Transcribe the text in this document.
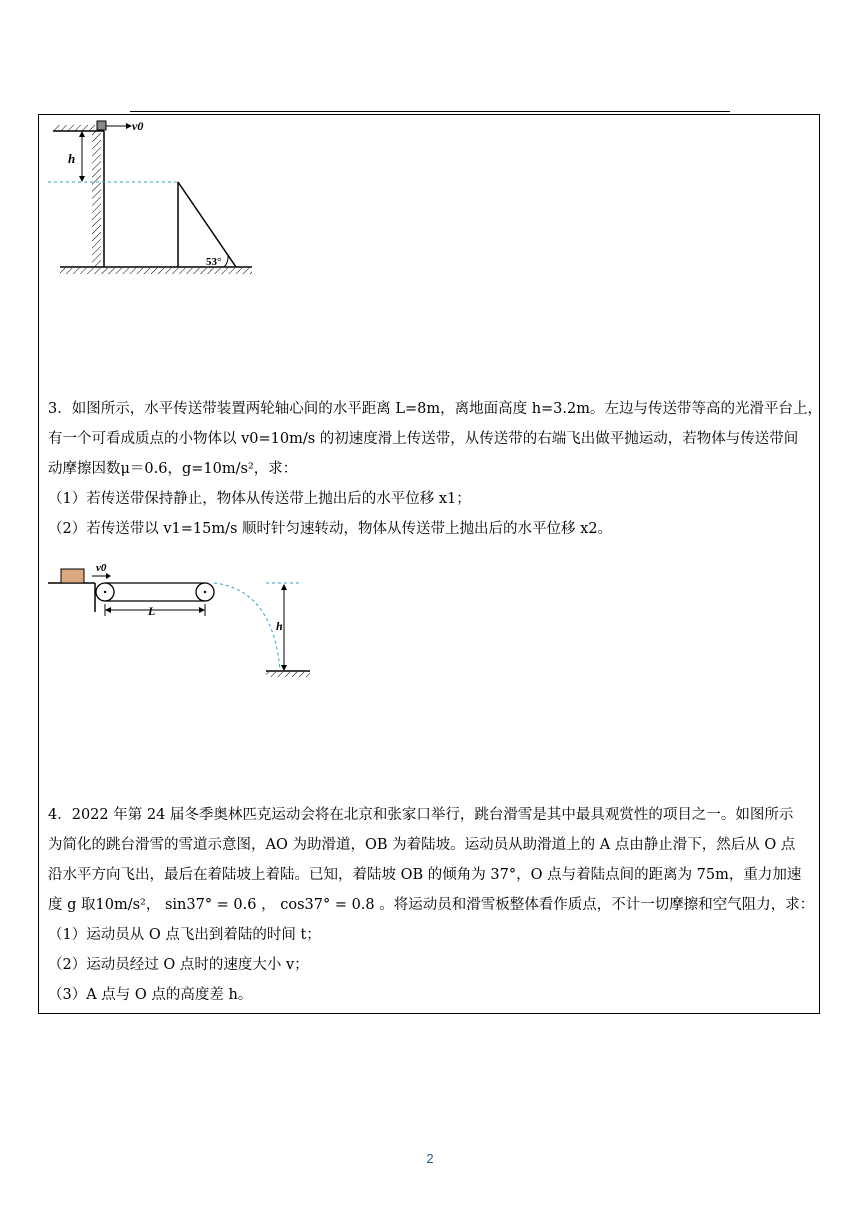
v0
h
53°

3．如图所示，水平传送带装置两轮轴心间的水平距离 L=8m，离地面高度 h=3.2m。左边与传送带等高的光滑平台上，

有一个可看成质点的小物体以 v0=10m/s 的初速度滑上传送带，从传送带的右端飞出做平抛运动，若物体与传送带间

动摩擦因数μ＝0.6，g=10m/s²，求：

（1）若传送带保持静止，物体从传送带上抛出后的水平位移 x1；

（2）若传送带以 v1=15m/s 顺时针匀速转动，物体从传送带上抛出后的水平位移 x2。

v0
L
h

4．2022 年第 24 届冬季奥林匹克运动会将在北京和张家口举行，跳台滑雪是其中最具观赏性的项目之一。如图所示

为简化的跳台滑雪的雪道示意图，AO 为助滑道，OB 为着陆坡。运动员从助滑道上的 A 点由静止滑下，然后从 O 点

沿水平方向飞出，最后在着陆坡上着陆。已知，着陆坡 OB 的倾角为 37°，O 点与着陆点间的距离为 75m，重力加速

度 g 取10m/s²， sin37° = 0.6 ， cos37° = 0.8 。将运动员和滑雪板整体看作质点，不计一切摩擦和空气阻力，求：

（1）运动员从 O 点飞出到着陆的时间 t；

（2）运动员经过 O 点时的速度大小 v；

（3）A 点与 O 点的高度差 h。

2
